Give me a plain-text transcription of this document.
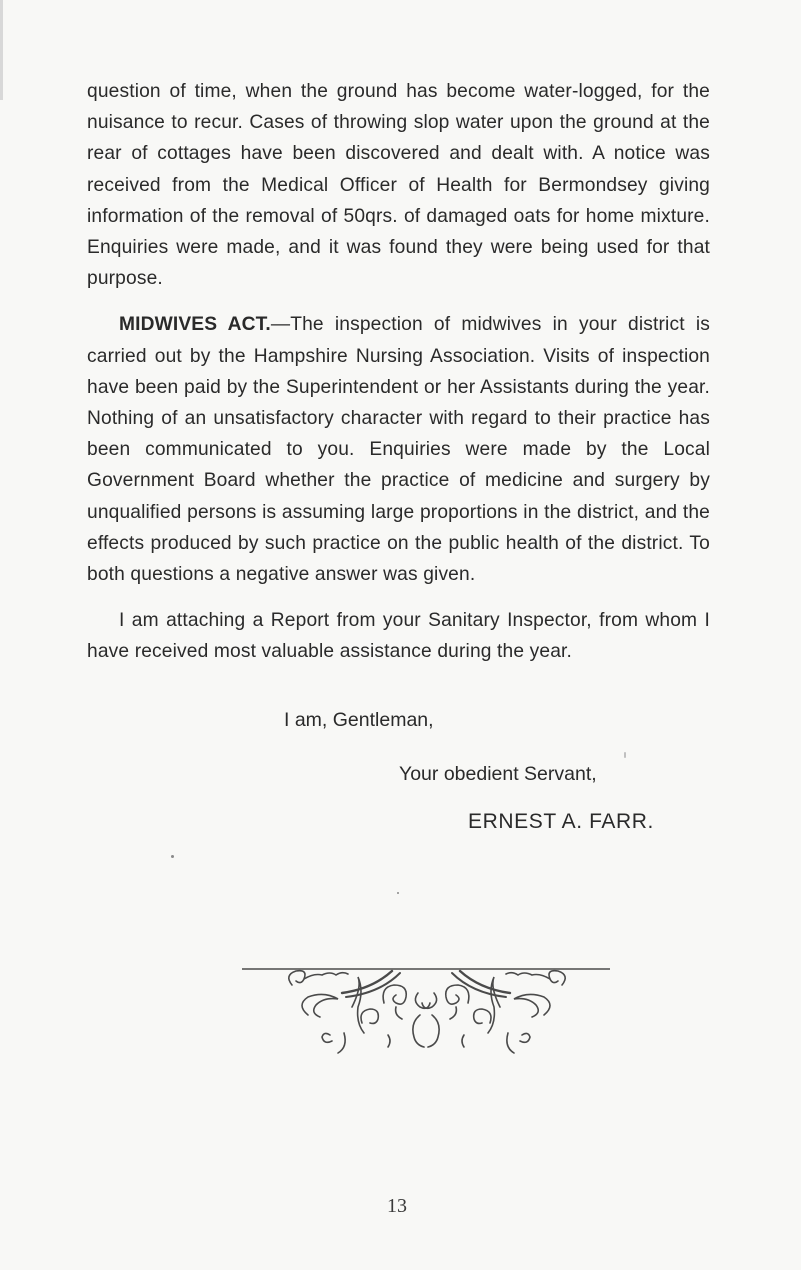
question of time, when the ground has become water-logged, for the nuisance to recur. Cases of throwing slop water upon the ground at the rear of cottages have been discovered and dealt with. A notice was received from the Medical Officer of Health for Bermondsey giving information of the removal of 50qrs. of damaged oats for home mixture. Enquiries were made, and it was found they were being used for that purpose.

MIDWIVES ACT.—The inspection of midwives in your district is carried out by the Hampshire Nursing Association. Visits of inspection have been paid by the Superintendent or her Assistants during the year. Nothing of an unsatisfactory character with regard to their practice has been communicated to you. Enquiries were made by the Local Government Board whether the practice of medicine and surgery by unqualified persons is assuming large proportions in the district, and the effects produced by such practice on the public health of the district. To both questions a negative answer was given.

I am attaching a Report from your Sanitary Inspector, from whom I have received most valuable assistance during the year.

I am, Gentleman,
Your obedient Servant,
ERNEST A. FARR.
13
